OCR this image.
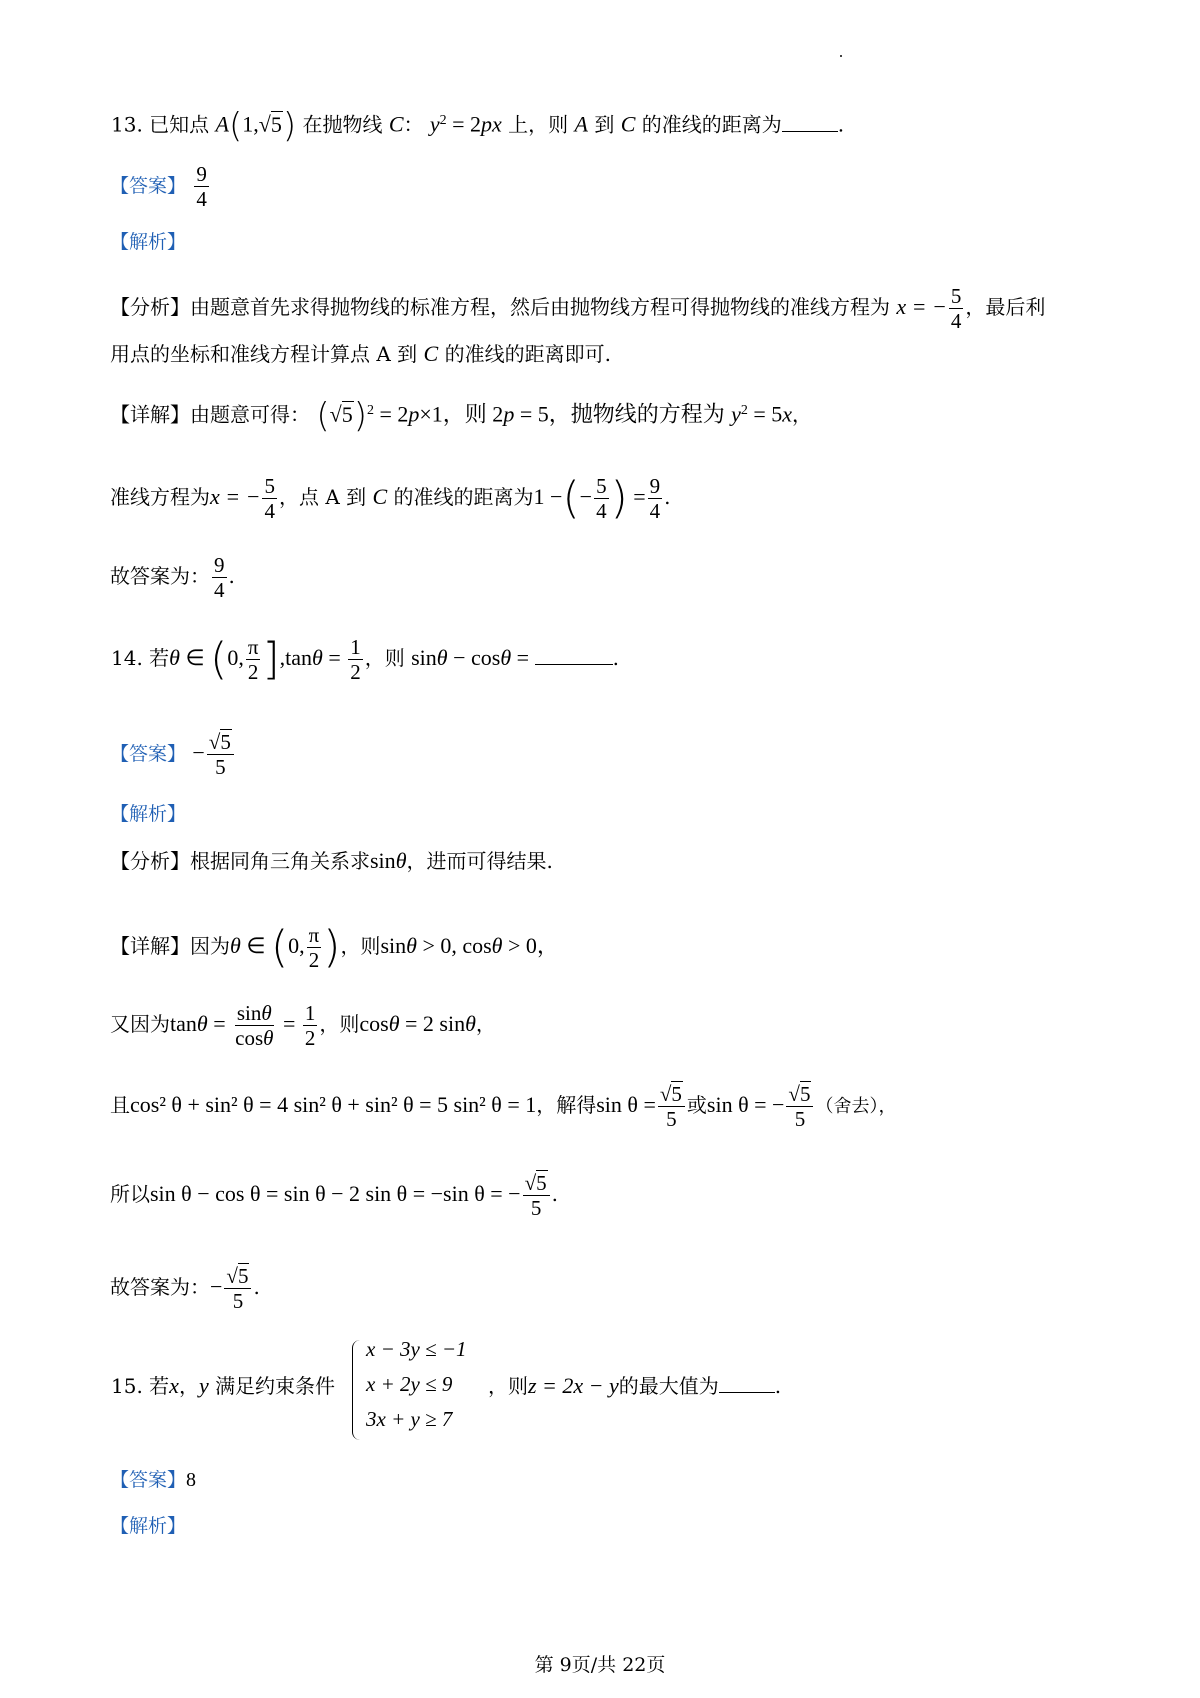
13. 已知点 A(1,√5) 在抛物线 C： $y^2 = 2px$ 上，则 A 到 C 的准线的距离为	.
【答案】 $\frac{9}{4}$
【解析】
【分析】由题意首先求得抛物线的标准方程，然后由抛物线方程可得抛物线的准线方程为 x = − $\frac{5}{4}$ ，最后利
用点的坐标和准线方程计算点 A 到 C 的准线的距离即可.
【详解】由题意可得： $(√5)^2 = 2p\times 1$，则 2p = 5，抛物线的方程为 $y^2 = 5x$，
准线方程为x = − $\frac{5}{4}$ ，点 A 到 C 的准线的距离为1 −(− $\frac{5}{4}$ ) = $\frac{9}{4}$ .
故答案为： $\frac{9}{4}$ .
14. 若θ ∈ (0, $\frac{\pi}{2} ],\tan\theta = \frac{1}{2}$ ，则 sinθ − cosθ =	.
【答案】 − $\frac{√5}{5}$
【解析】
【分析】根据同角三角关系求sinθ，进而可得结果.
【详解】因为θ ∈ (0, $\frac{\pi}{2}$ )，则sinθ > 0, cosθ > 0，
又因为$\tan\theta = \frac{\sin\theta}{\cos\theta} = \frac{1}{2}$ ，则cosθ = 2 sinθ，
且cos² θ + sin² θ = 4 sin² θ + sin² θ = 5 sin² θ = 1，解得$\sin \theta = \frac{√5}{5}$ 或sin θ = − $\frac{√5}{5}$ （舍去），
所以sin θ − cos θ = sin θ − 2 sin θ = −sin θ = − $\frac{√5}{5}$ .
故答案为：− $\frac{√5}{5}$ .
15. 若x，y 满足约束条件
x − 3y ≤ −1
x + 2y ≤ 9
3x + y ≥ 7
，则z = 2x − y的最大值为	.
【答案】8
【解析】
第 9页/共 22页
